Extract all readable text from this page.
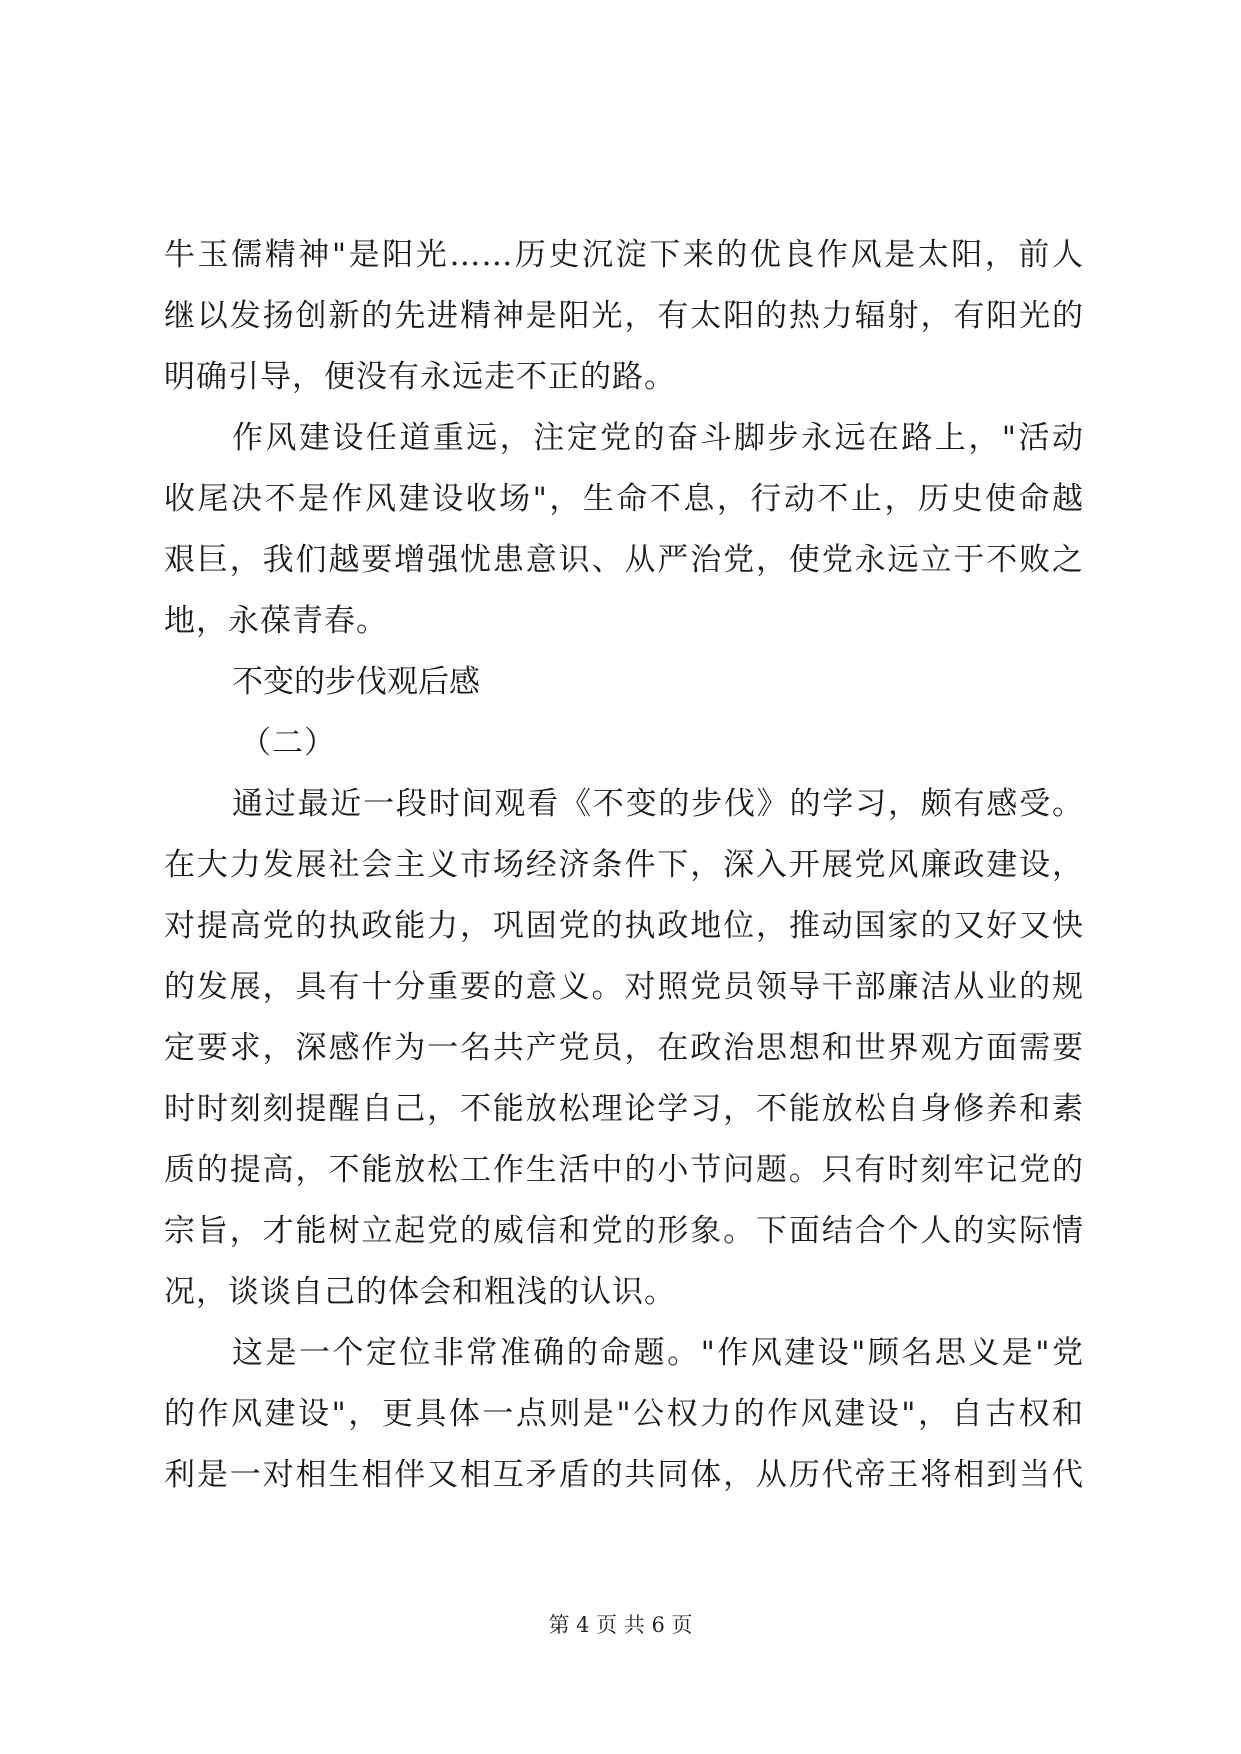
牛玉儒精神"是阳光……历史沉淀下来的优良作风是太阳，前人
继以发扬创新的先进精神是阳光，有太阳的热力辐射，有阳光的
明确引导，便没有永远走不正的路。
作风建设任道重远，注定党的奋斗脚步永远在路上，"活动
收尾决不是作风建设收场"，生命不息，行动不止，历史使命越
艰巨，我们越要增强忧患意识、从严治党，使党永远立于不败之
地，永葆青春。
不变的步伐观后感
（二）
通过最近一段时间观看《不变的步伐》的学习，颇有感受。
在大力发展社会主义市场经济条件下，深入开展党风廉政建设，
对提高党的执政能力，巩固党的执政地位，推动国家的又好又快
的发展，具有十分重要的意义。对照党员领导干部廉洁从业的规
定要求，深感作为一名共产党员，在政治思想和世界观方面需要
时时刻刻提醒自己，不能放松理论学习，不能放松自身修养和素
质的提高，不能放松工作生活中的小节问题。只有时刻牢记党的
宗旨，才能树立起党的威信和党的形象。下面结合个人的实际情
况，谈谈自己的体会和粗浅的认识。
这是一个定位非常准确的命题。"作风建设"顾名思义是"党
的作风建设"，更具体一点则是"公权力的作风建设"，自古权和
利是一对相生相伴又相互矛盾的共同体，从历代帝王将相到当代
第 4 页 共 6 页
